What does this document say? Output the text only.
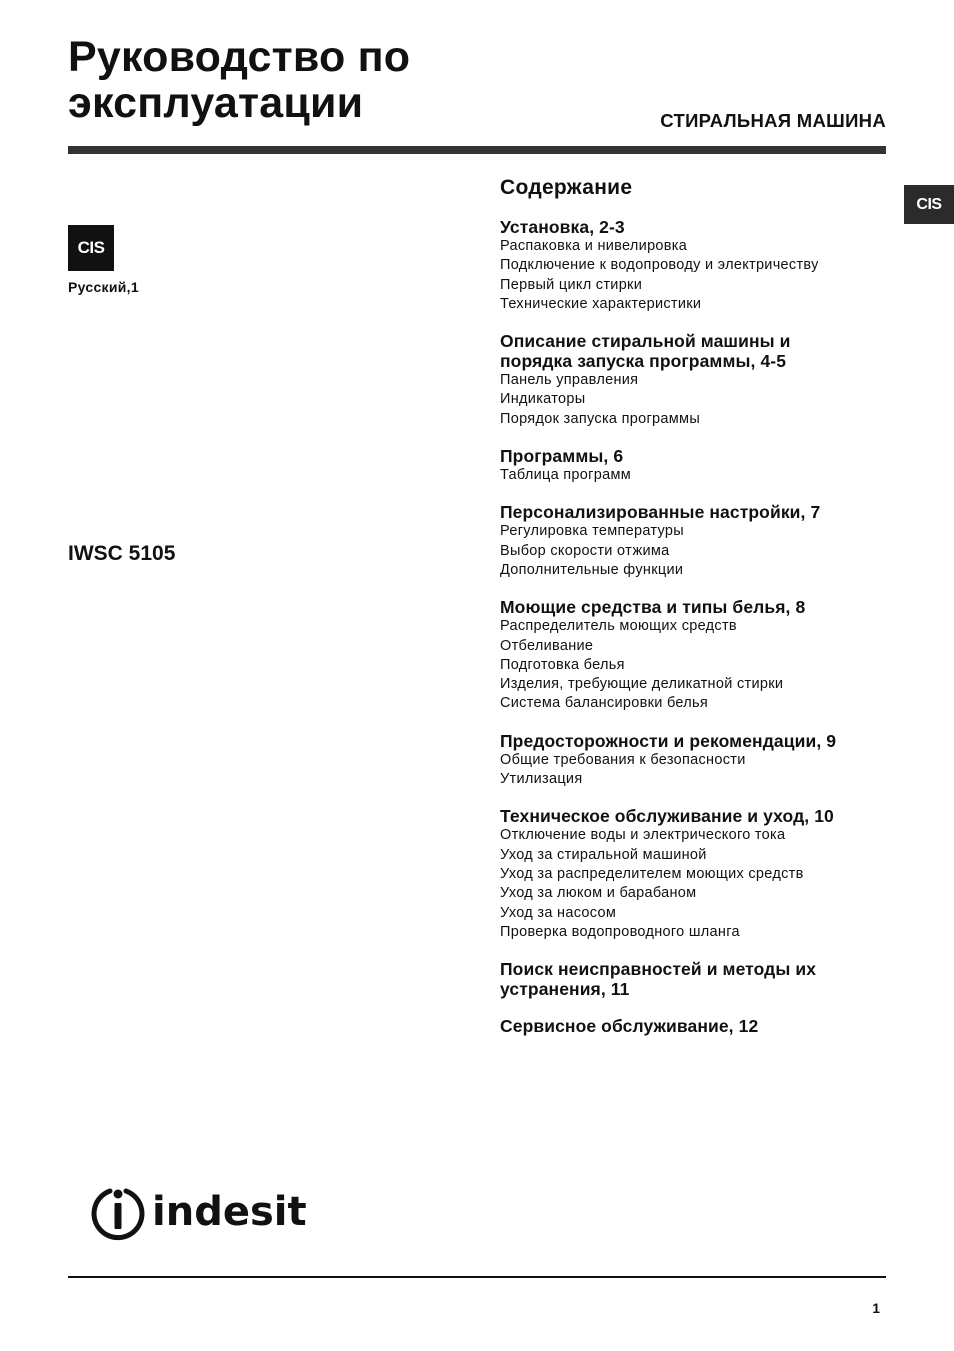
Руководство по
эксплуатации	СТИРАЛЬНАЯ МАШИНА
CIS
CIS
Русский,1
IWSC 5105
Содержание
Установка, 2-3
Распаковка и нивелировка
Подключение к водопроводу и электричеству
Первый цикл стирки
Технические характеристики
Описание стиральной машины и
порядка запуска программы, 4-5
Панель управления
Индикаторы
Порядок запуска программы
Программы, 6
Таблица программ
Персонализированные настройки, 7
Регулировка температуры
Выбор скорости отжима
Дополнительные функции
Моющие средства и типы белья, 8
Распределитель моющих средств
Отбеливание
Подготовка белья
Изделия, требующие деликатной стирки
Система балансировки белья
Предосторожности и рекомендации, 9
Общие требования к безопасности
Утилизация
Техническое обслуживание и уход, 10
Отключение воды и электрического тока
Уход за стиральной машиной
Уход за распределителем моющих средств
Уход за люком и барабаном
Уход за насосом
Проверка водопроводного шланга
Поиск неисправностей и методы их
устранения, 11
Сервисное обслуживание, 12
indesit
1
